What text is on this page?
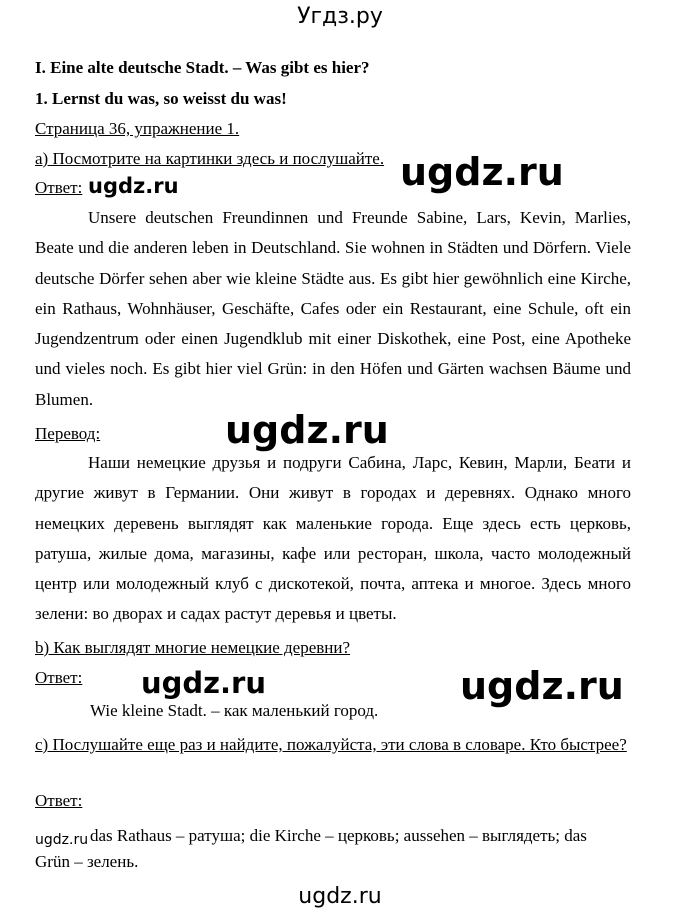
Угдз.ру
I. Eine alte deutsche Stadt. – Was gibt es hier?
1. Lernst du was, so weisst du was!
Страница 36, упражнение 1.
a) Посмотрите на картинки здесь и послушайте. ugdz.ru
Ответ: ugdz.ru
Unsere deutschen Freundinnen und Freunde Sabine, Lars, Kevin, Marlies, Beate und die anderen leben in Deutschland. Sie wohnen in Städten und Dörfern. Viele deutsche Dörfer sehen aber wie kleine Städte aus. Es gibt hier gewöhnlich eine Kirche, ein Rathaus, Wohnhäuser, Geschäfte, Cafes oder ein Restaurant, eine Schule, oft ein Jugendzentrum oder einen Jugendklub mit einer Diskothek, eine Post, eine Apotheke und vieles noch. Es gibt hier viel Grün: in den Höfen und Gärten wachsen Bäume und Blumen.
Перевод:	ugdz.ru
Наши немецкие друзья и подруги Сабина, Ларс, Кевин, Марли, Беати и другие живут в Германии. Они живут в городах и деревнях. Однако много немецких деревень выглядят как маленькие города. Еще здесь есть церковь, ратуша, жилые дома, магазины, кафе или ресторан, школа, часто молодежный центр или молодежный клуб с дискотекой, почта, аптека и многое. Здесь много зелени: во дворах и садах растут деревья и цветы.
b) Как выглядят многие немецкие деревни?
Ответ: ugdz.ru	ugdz.ru
Wie kleine Stadt. – как маленький город.
c) Послушайте еще раз и найдите, пожалуйста, эти слова в словаре. Кто быстрее?
Ответ:
ugdz.ru das Rathaus – ратуша; die Kirche – церковь; aussehen – выглядеть; das
Grün – зелень.
ugdz.ru
